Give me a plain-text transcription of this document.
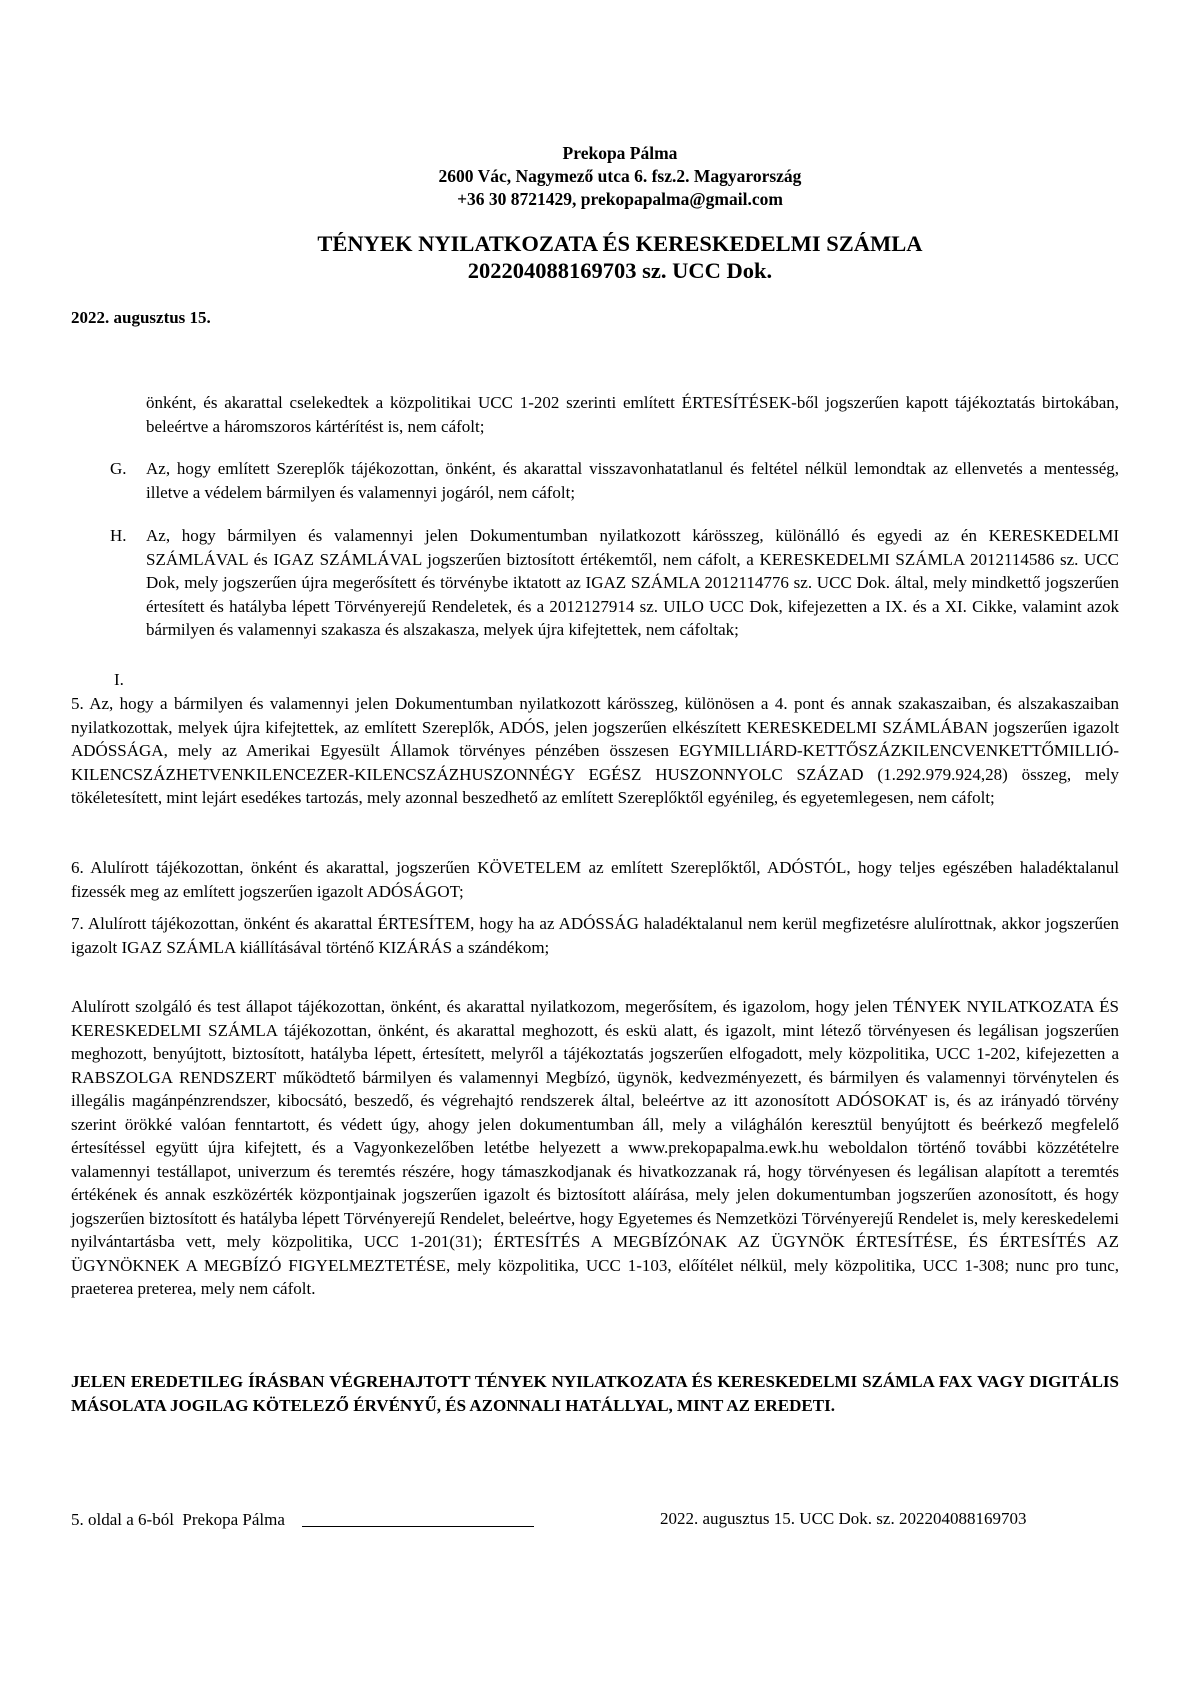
Prekopa Pálma
2600 Vác, Nagymező utca 6. fsz.2. Magyarország
+36 30 8721429, prekopapalma@gmail.com
TÉNYEK NYILATKOZATA ÉS KERESKEDELMI SZÁMLA
202204088169703 sz. UCC Dok.
2022. augusztus 15.
önként, és akarattal cselekedtek a közpolitikai UCC 1-202 szerinti említett ÉRTESÍTÉSEK-ből jogszerűen kapott tájékoztatás birtokában, beleértve a háromszoros kártérítést is, nem cáfolt;
G. Az, hogy említett Szereplők tájékozottan, önként, és akarattal visszavonhatatlanul és feltétel nélkül lemondtak az ellenvetés a mentesség, illetve a védelem bármilyen és valamennyi jogáról, nem cáfolt;
H. Az, hogy bármilyen és valamennyi jelen Dokumentumban nyilatkozott kárösszeg, különálló és egyedi az én KERESKEDELMI SZÁMLÁVAL és IGAZ SZÁMLÁVAL jogszerűen biztosított értékemtől, nem cáfolt, a KERESKEDELMI SZÁMLA 2012114586 sz. UCC Dok, mely jogszerűen újra megerősített és törvénybe iktatott az IGAZ SZÁMLA 2012114776 sz. UCC Dok. által, mely mindkettő jogszerűen értesített és hatályba lépett Törvényerejű Rendeletek, és a 2012127914 sz. UILO UCC Dok, kifejezetten a IX. és a XI. Cikke, valamint azok bármilyen és valamennyi szakasza és alszakasza, melyek újra kifejtettek, nem cáfoltak;
I.
5. Az, hogy a bármilyen és valamennyi jelen Dokumentumban nyilatkozott kárösszeg, különösen a 4. pont és annak szakaszaiban, és alszakaszaiban nyilatkozottak, melyek újra kifejtettek, az említett Szereplők, ADÓS, jelen jogszerűen elkészített KERESKEDELMI SZÁMLÁBAN jogszerűen igazolt ADÓSSÁGA, mely az Amerikai Egyesült Államok törvényes pénzében összesen EGYMILLIÁRD-KETTŐSZÁZKILENCVENKETTŐMILLIÓ-KILENCSZÁZHETVENKILENCEZER-KILENCSZÁZHUSZONNÉGY EGÉSZ HUSZONNYOLC SZÁZAD (1.292.979.924,28) összeg, mely tökéletesített, mint lejárt esedékes tartozás, mely azonnal beszedhető az említett Szereplőktől egyénileg, és egyetemlegesen, nem cáfolt;
6. Alulírott tájékozottan, önként és akarattal, jogszerűen KÖVETELEM az említett Szereplőktől, ADÓSTÓL, hogy teljes egészében haladéktalanul fizessék meg az említett jogszerűen igazolt ADÓSÁGOT;
7. Alulírott tájékozottan, önként és akarattal ÉRTESÍTEM, hogy ha az ADÓSSÁG haladéktalanul nem kerül megfizetésre alulírottnak, akkor jogszerűen igazolt IGAZ SZÁMLA kiállításával történő KIZÁRÁS a szándékom;
Alulírott szolgáló és test állapot tájékozottan, önként, és akarattal nyilatkozom, megerősítem, és igazolom, hogy jelen TÉNYEK NYILATKOZATA ÉS KERESKEDELMI SZÁMLA tájékozottan, önként, és akarattal meghozott, és eskü alatt, és igazolt, mint létező törvényesen és legálisan jogszerűen meghozott, benyújtott, biztosított, hatályba lépett, értesített, melyről a tájékoztatás jogszerűen elfogadott, mely közpolitika, UCC 1-202, kifejezetten a RABSZOLGA RENDSZERT működtető bármilyen és valamennyi Megbízó, ügynök, kedvezményezett, és bármilyen és valamennyi törvénytelen és illegális magánpénzrendszer, kibocsátó, beszedő, és végrehajtó rendszerek által, beleértve az itt azonosított ADÓSOKAT is, és az irányadó törvény szerint örökké valóan fenntartott, és védett úgy, ahogy jelen dokumentumban áll, mely a világhálón keresztül benyújtott és beérkező megfelelő értesítéssel együtt újra kifejtett, és a Vagyonkezelőben letétbe helyezett a www.prekopapalma.ewk.hu weboldalon történő további közzétételre valamennyi testállapot, univerzum és teremtés részére, hogy támaszkodjanak és hivatkozzanak rá, hogy törvényesen és legálisan alapított a teremtés értékének és annak eszközérték központjainak jogszerűen igazolt és biztosított aláírása, mely jelen dokumentumban jogszerűen azonosított, és hogy jogszerűen biztosított és hatályba lépett Törvényerejű Rendelet, beleértve, hogy Egyetemes és Nemzetközi Törvényerejű Rendelet is, mely kereskedelemi nyilvántartásba vett, mely közpolitika, UCC 1-201(31); ÉRTESÍTÉS A MEGBÍZÓNAK AZ ÜGYNÖK ÉRTESÍTÉSE, ÉS ÉRTESÍTÉS AZ ÜGYNÖKNEK A MEGBÍZÓ FIGYELMEZTETÉSE, mely közpolitika, UCC 1-103, előítélet nélkül, mely közpolitika, UCC 1-308; nunc pro tunc, praeterea preterea, mely nem cáfolt.
JELEN EREDETILEG ÍRÁSBAN VÉGREHAJTOTT TÉNYEK NYILATKOZATA ÉS KERESKEDELMI SZÁMLA FAX VAGY DIGITÁLIS MÁSOLATA JOGILAG KÖTELEZŐ ÉRVÉNYŰ, ÉS AZONNALI HATÁLLYAL, MINT AZ EREDETI.
5. oldal a 6-ból  Prekopa Pálma	2022. augusztus 15. UCC Dok. sz. 202204088169703
